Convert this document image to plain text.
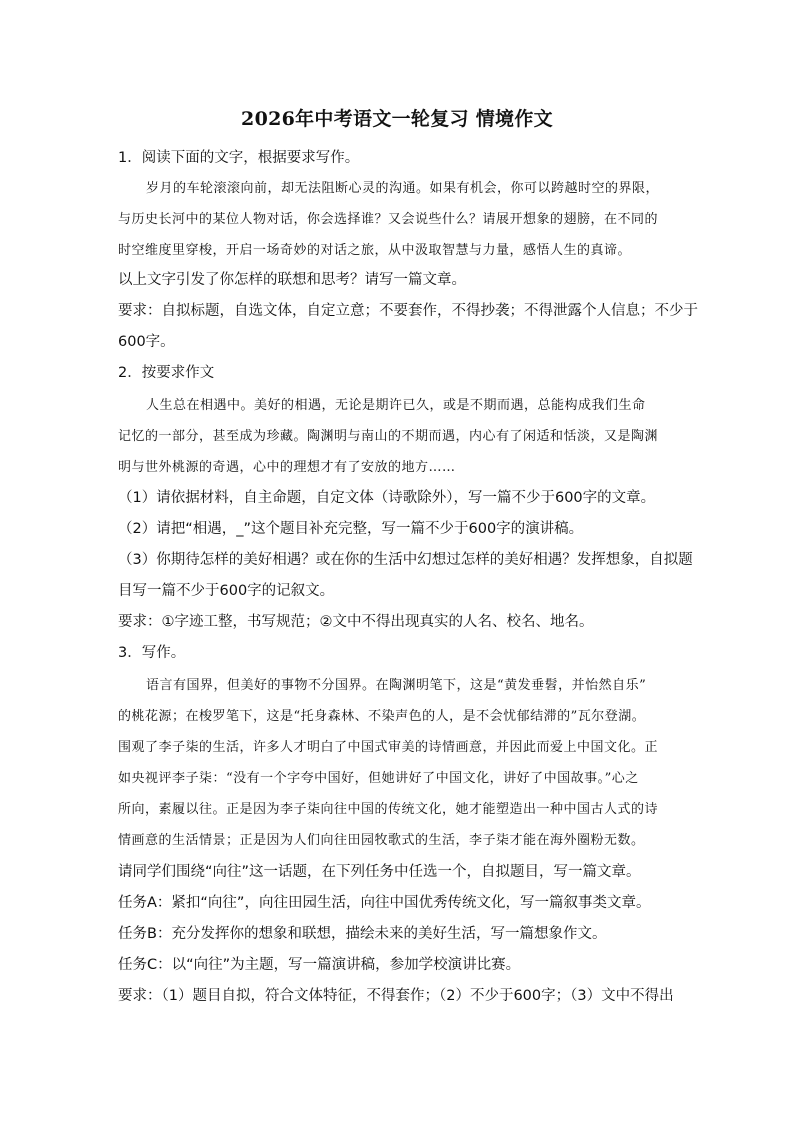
2026年中考语文一轮复习 情境作文
1．阅读下面的文字，根据要求写作。
岁月的车轮滚滚向前，却无法阻断心灵的沟通。如果有机会，你可以跨越时空的界限，
与历史长河中的某位人物对话，你会选择谁？又会说些什么？请展开想象的翅膀，在不同的
时空维度里穿梭，开启一场奇妙的对话之旅，从中汲取智慧与力量，感悟人生的真谛。
以上文字引发了你怎样的联想和思考？请写一篇文章。
要求：自拟标题，自选文体，自定立意；不要套作，不得抄袭；不得泄露个人信息；不少于
600字。
2．按要求作文
人生总在相遇中。美好的相遇，无论是期许已久，或是不期而遇，总能构成我们生命
记忆的一部分，甚至成为珍藏。陶渊明与南山的不期而遇，内心有了闲适和恬淡，又是陶渊
明与世外桃源的奇遇，心中的理想才有了安放的地方……
（1）请依据材料，自主命题，自定文体（诗歌除外），写一篇不少于600字的文章。
（2）请把“相遇，_”这个题目补充完整，写一篇不少于600字的演讲稿。
（3）你期待怎样的美好相遇？或在你的生活中幻想过怎样的美好相遇？发挥想象，自拟题
目写一篇不少于600字的记叙文。
要求：①字迹工整，书写规范；②文中不得出现真实的人名、校名、地名。
3．写作。
语言有国界，但美好的事物不分国界。在陶渊明笔下，这是“黄发垂髫，并怡然自乐”
的桃花源；在梭罗笔下，这是“托身森林、不染声色的人，是不会忧郁结滞的”瓦尔登湖。
围观了李子柒的生活，许多人才明白了中国式审美的诗情画意，并因此而爱上中国文化。正
如央视评李子柒：“没有一个字夸中国好，但她讲好了中国文化，讲好了中国故事。”心之
所向，素履以往。正是因为李子柒向往中国的传统文化，她才能塑造出一种中国古人式的诗
情画意的生活情景；正是因为人们向往田园牧歌式的生活，李子柒才能在海外圈粉无数。
请同学们围绕“向往”这一话题，在下列任务中任选一个，自拟题目，写一篇文章。
任务A：紧扣“向往”，向往田园生活，向往中国优秀传统文化，写一篇叙事类文章。
任务B：充分发挥你的想象和联想，描绘未来的美好生活，写一篇想象作文。
任务C：以“向往”为主题，写一篇演讲稿，参加学校演讲比赛。
要求：（1）题目自拟，符合文体特征，不得套作；（2）不少于600字；（3）文中不得出
